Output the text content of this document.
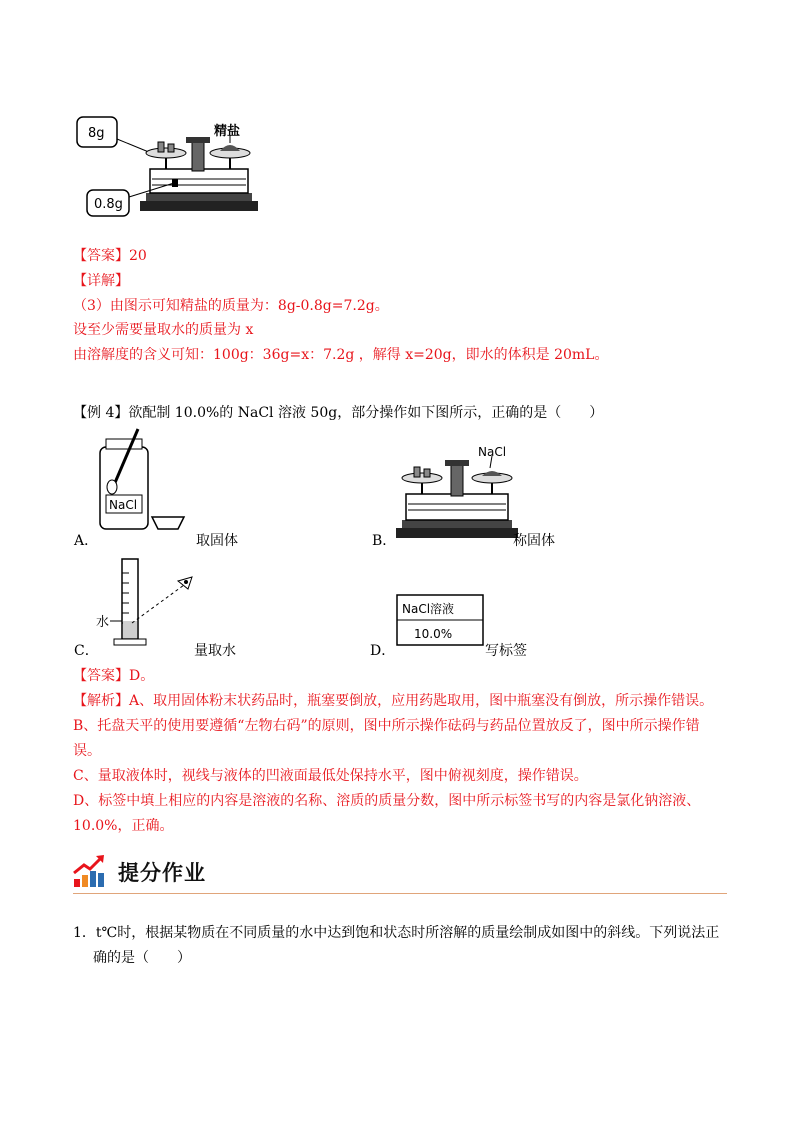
精盐
8g
0.8g
【答案】20
【详解】
（3）由图示可知精盐的质量为：8g-0.8g=7.2g。
设至少需要量取水的质量为 x
由溶解度的含义可知：100g：36g=x：7.2g ，解得 x=20g，即水的体积是 20mL。
【例 4】欲配制 10.0%的 NaCl 溶液 50g，部分操作如下图所示，正确的是（　　）
NaCl
A．	取固体
NaCl
B．	称固体
水
C．	量取水
NaCl溶液
10.0%
D．	写标签
【答案】D。
【解析】A、取用固体粉末状药品时，瓶塞要倒放，应用药匙取用，图中瓶塞没有倒放，所示操作错误。
B、托盘天平的使用要遵循“左物右码”的原则，图中所示操作砝码与药品位置放反了，图中所示操作错
误。
C、量取液体时，视线与液体的凹液面最低处保持水平，图中俯视刻度，操作错误。
D、标签中填上相应的内容是溶液的名称、溶质的质量分数，图中所示标签书写的内容是氯化钠溶液、
10.0%，正确。
提分作业
1．t℃时，根据某物质在不同质量的水中达到饱和状态时所溶解的质量绘制成如图中的斜线。下列说法正
确的是（　　）
